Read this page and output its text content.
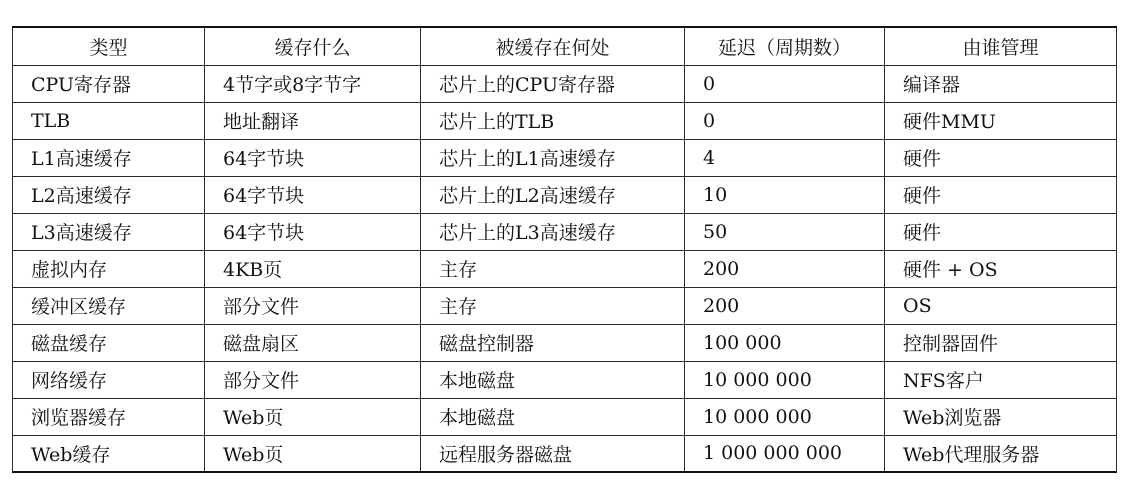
类型	缓存什么	被缓存在何处	延迟（周期数）	由谁管理
CPU寄存器	4节字或8字节字	芯片上的CPU寄存器	0	编译器
TLB	地址翻译	芯片上的TLB	0	硬件MMU
L1高速缓存	64字节块	芯片上的L1高速缓存	4	硬件
L2高速缓存	64字节块	芯片上的L2高速缓存	10	硬件
L3高速缓存	64字节块	芯片上的L3高速缓存	50	硬件
虚拟内存	4KB页	主存	200	硬件 + OS
缓冲区缓存	部分文件	主存	200	OS
磁盘缓存	磁盘扇区	磁盘控制器	100 000	控制器固件
网络缓存	部分文件	本地磁盘	10 000 000	NFS客户
浏览器缓存	Web页	本地磁盘	10 000 000	Web浏览器
Web缓存	Web页	远程服务器磁盘	1 000 000 000	Web代理服务器
